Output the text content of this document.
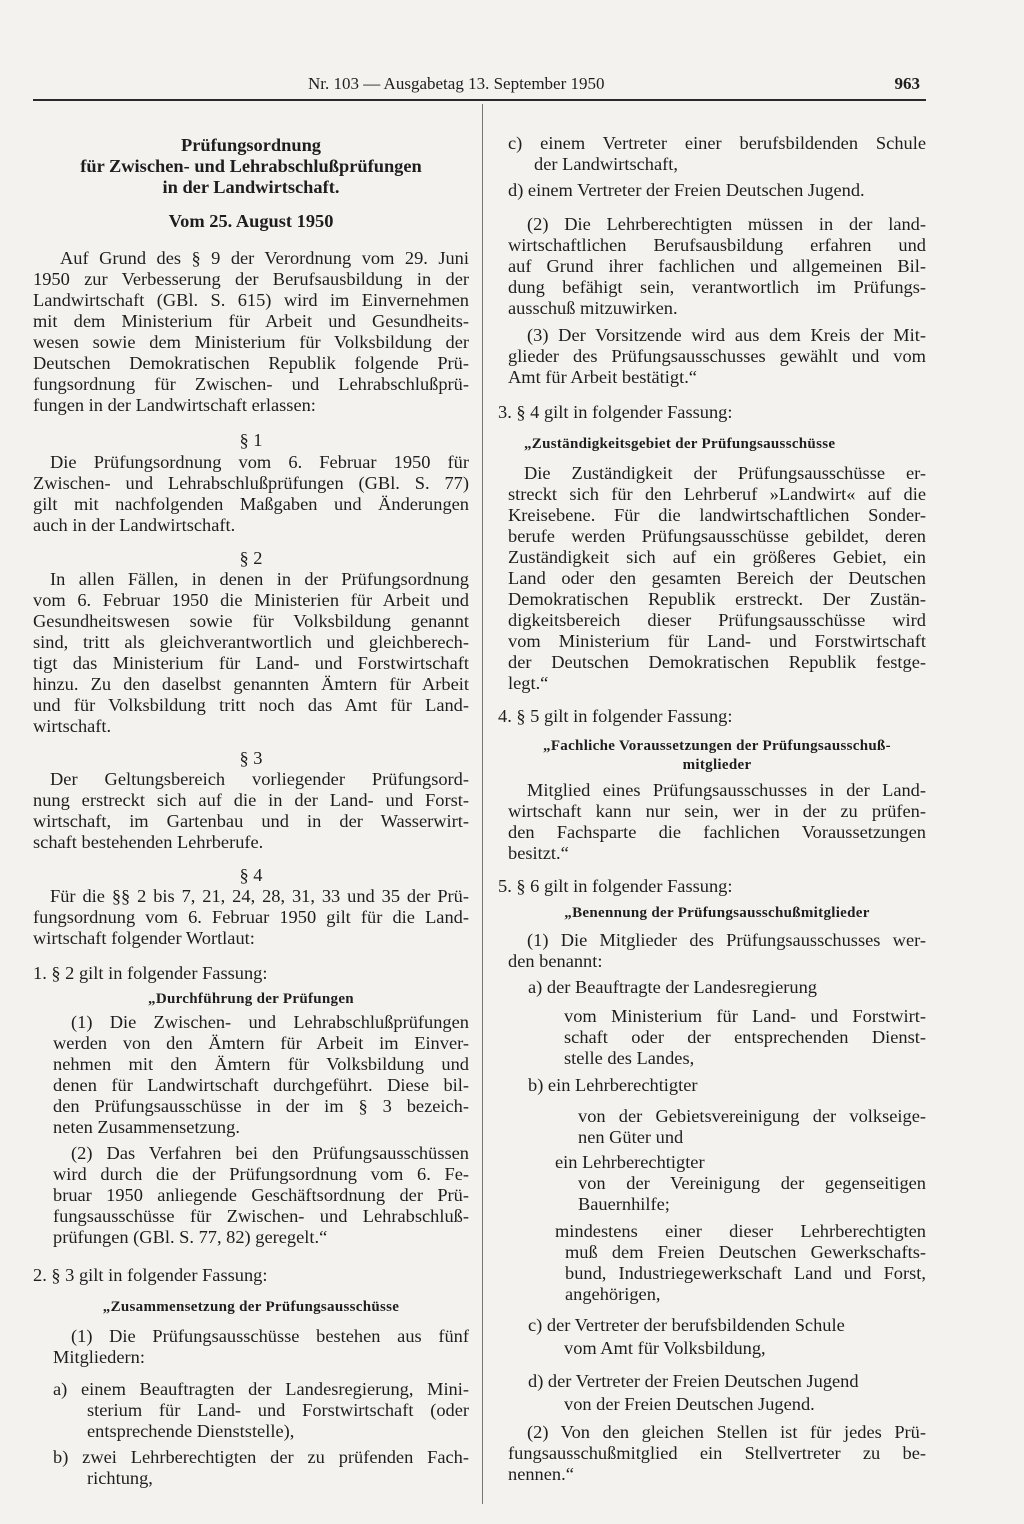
Nr. 103 — Ausgabetag 13. September 1950	963
Prüfungsordnung
für Zwischen- und Lehrabschlußprüfungen
in der Landwirtschaft.
Vom 25. August 1950
Auf Grund des § 9 der Verordnung vom 29. Juni
1950 zur Verbesserung der Berufsausbildung in der
Landwirtschaft (GBl. S. 615) wird im Einvernehmen
mit dem Ministerium für Arbeit und Gesundheits-
wesen sowie dem Ministerium für Volksbildung der
Deutschen Demokratischen Republik folgende Prü-
fungsordnung für Zwischen- und Lehrabschlußprü-
fungen in der Landwirtschaft erlassen:
§ 1
Die Prüfungsordnung vom 6. Februar 1950 für
Zwischen- und Lehrabschlußprüfungen (GBl. S. 77)
gilt mit nachfolgenden Maßgaben und Änderungen
auch in der Landwirtschaft.
§ 2
In allen Fällen, in denen in der Prüfungsordnung
vom 6. Februar 1950 die Ministerien für Arbeit und
Gesundheitswesen sowie für Volksbildung genannt
sind, tritt als gleichverantwortlich und gleichberech-
tigt das Ministerium für Land- und Forstwirtschaft
hinzu. Zu den daselbst genannten Ämtern für Arbeit
und für Volksbildung tritt noch das Amt für Land-
wirtschaft.
§ 3
Der Geltungsbereich vorliegender Prüfungsord-
nung erstreckt sich auf die in der Land- und Forst-
wirtschaft, im Gartenbau und in der Wasserwirt-
schaft bestehenden Lehrberufe.
§ 4
Für die §§ 2 bis 7, 21, 24, 28, 31, 33 und 35 der Prü-
fungsordnung vom 6. Februar 1950 gilt für die Land-
wirtschaft folgender Wortlaut:
1. § 2 gilt in folgender Fassung:
„Durchführung der Prüfungen
(1) Die Zwischen- und Lehrabschlußprüfungen
werden von den Ämtern für Arbeit im Einver-
nehmen mit den Ämtern für Volksbildung und
denen für Landwirtschaft durchgeführt. Diese bil-
den Prüfungsausschüsse in der im § 3 bezeich-
neten Zusammensetzung.
(2) Das Verfahren bei den Prüfungsausschüssen
wird durch die der Prüfungsordnung vom 6. Fe-
bruar 1950 anliegende Geschäftsordnung der Prü-
fungsausschüsse für Zwischen- und Lehrabschluß-
prüfungen (GBl. S. 77, 82) geregelt.“
2. § 3 gilt in folgender Fassung:
„Zusammensetzung der Prüfungsausschüsse
(1) Die Prüfungsausschüsse bestehen aus fünf
Mitgliedern:
a) einem Beauftragten der Landesregierung, Mini-
sterium für Land- und Forstwirtschaft (oder
entsprechende Dienststelle),
b) zwei Lehrberechtigten der zu prüfenden Fach-
richtung,
c) einem Vertreter einer berufsbildenden Schule
der Landwirtschaft,
d) einem Vertreter der Freien Deutschen Jugend.
(2) Die Lehrberechtigten müssen in der land-
wirtschaftlichen Berufsausbildung erfahren und
auf Grund ihrer fachlichen und allgemeinen Bil-
dung befähigt sein, verantwortlich im Prüfungs-
ausschuß mitzuwirken.
(3) Der Vorsitzende wird aus dem Kreis der Mit-
glieder des Prüfungsausschusses gewählt und vom
Amt für Arbeit bestätigt.“
3. § 4 gilt in folgender Fassung:
„Zuständigkeitsgebiet der Prüfungsausschüsse
Die Zuständigkeit der Prüfungsausschüsse er-
streckt sich für den Lehrberuf »Landwirt« auf die
Kreisebene. Für die landwirtschaftlichen Sonder-
berufe werden Prüfungsausschüsse gebildet, deren
Zuständigkeit sich auf ein größeres Gebiet, ein
Land oder den gesamten Bereich der Deutschen
Demokratischen Republik erstreckt. Der Zustän-
digkeitsbereich dieser Prüfungsausschüsse wird
vom Ministerium für Land- und Forstwirtschaft
der Deutschen Demokratischen Republik festge-
legt.“
4. § 5 gilt in folgender Fassung:
„Fachliche Voraussetzungen der Prüfungsausschuß-
mitglieder
Mitglied eines Prüfungsausschusses in der Land-
wirtschaft kann nur sein, wer in der zu prüfen-
den Fachsparte die fachlichen Voraussetzungen
besitzt.“
5. § 6 gilt in folgender Fassung:
„Benennung der Prüfungsausschußmitglieder
(1) Die Mitglieder des Prüfungsausschusses wer-
den benannt:
a) der Beauftragte der Landesregierung
vom Ministerium für Land- und Forstwirt-
schaft oder der entsprechenden Dienst-
stelle des Landes,
b) ein Lehrberechtigter
von der Gebietsvereinigung der volkseige-
nen Güter und
ein Lehrberechtigter
von der Vereinigung der gegenseitigen
Bauernhilfe;
mindestens einer dieser Lehrberechtigten
muß dem Freien Deutschen Gewerkschafts-
bund, Industriegewerkschaft Land und Forst,
angehörigen,
c) der Vertreter der berufsbildenden Schule
vom Amt für Volksbildung,
d) der Vertreter der Freien Deutschen Jugend
von der Freien Deutschen Jugend.
(2) Von den gleichen Stellen ist für jedes Prü-
fungsausschußmitglied ein Stellvertreter zu be-
nennen.“
